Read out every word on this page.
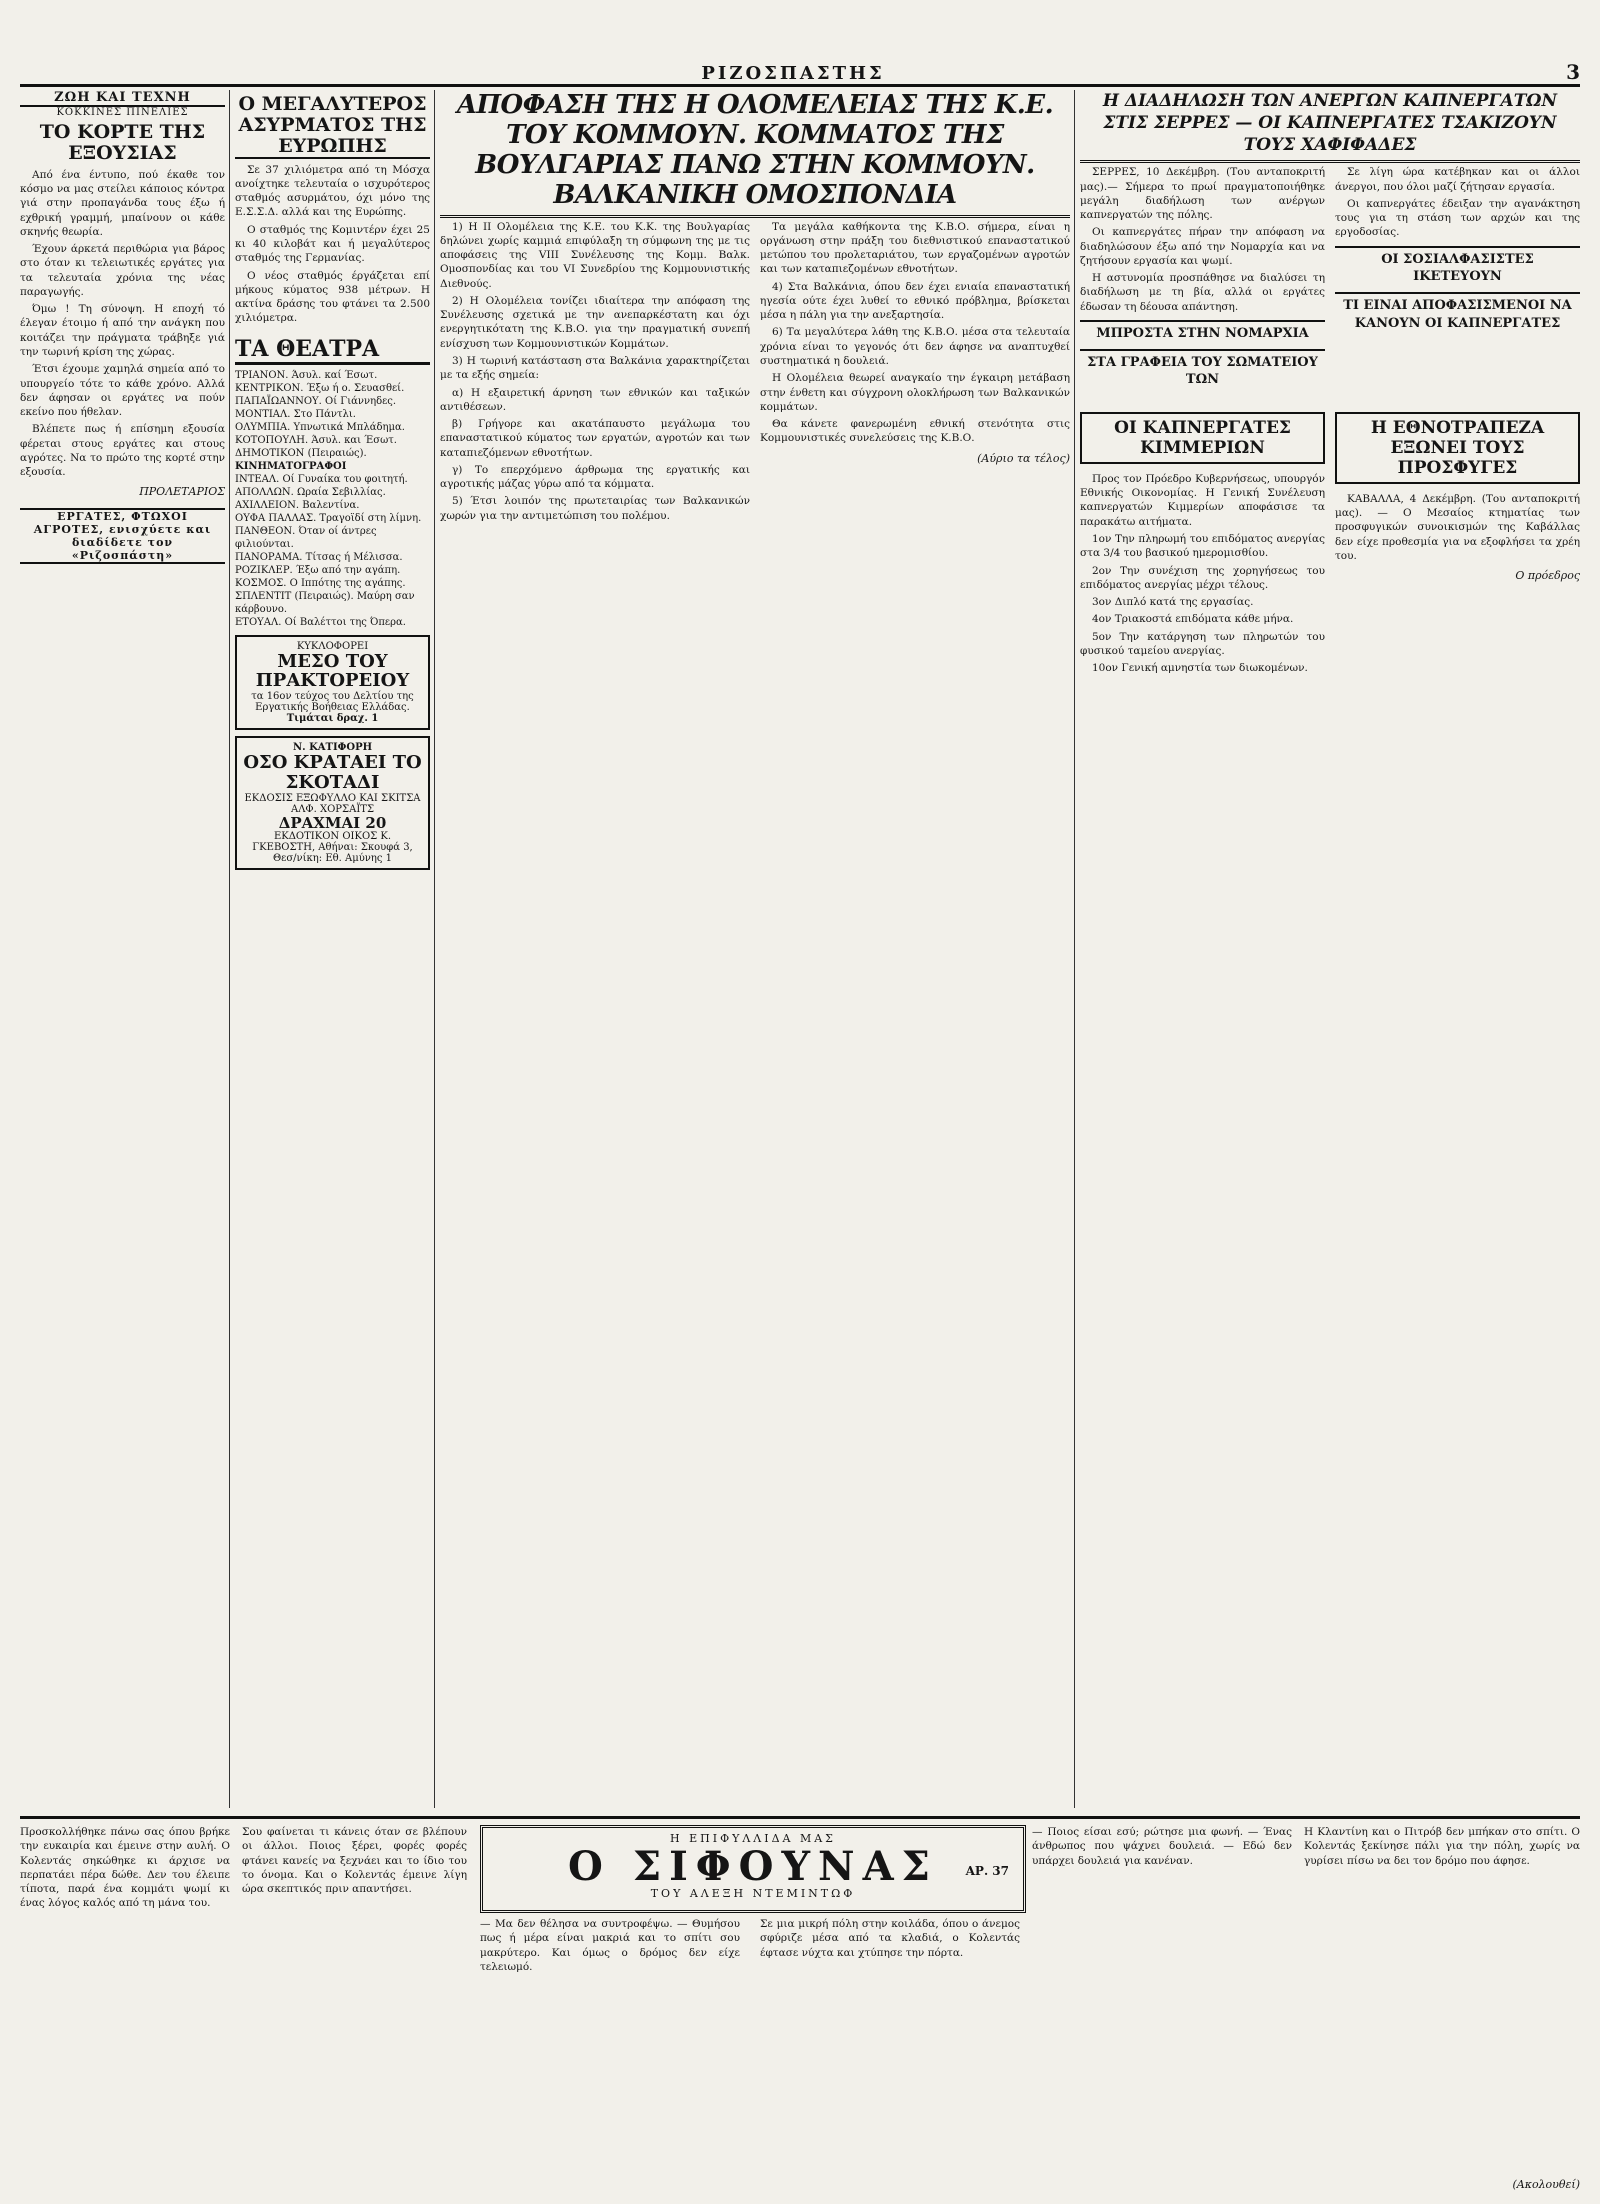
ΡΙΖΟΣΠΑΣΤΗΣ	3
ΖΩΗ ΚΑΙ ΤΕΧΝΗ
ΚΟΚΚΙΝΕΣ ΠΙΝΕΛΙΕΣ
ΤΟ ΚΟΡΤΕ ΤΗΣ ΕΞΟΥΣΙΑΣ

Από ένα έντυπο, πού έκαθε τον κόσμο να μας στείλει κάποιος κόντρα γιά στην προπαγάνδα τους έξω ή εχθρική γραμμή, μπαίνουν οι κάθε σκηνής θεωρία.

Έχουν άρκετά περιθώρια για βάρος στο όταν κι τελειωτικές εργάτες για τα τελευταία χρόνια της νέας παραγωγής.

Όμω ! Τη σύνοψη. Η εποχή τό έλεγαν έτοιμο ή από την ανάγκη που κοιτάζει την πράγματα τράβηξε γιά την τωρινή κρίση της χώρας.

Έτσι έχουμε χαμηλά σημεία από το υπουργείο τότε το κάθε χρόνο. Αλλά δεν άφησαν οι εργάτες να πούν εκείνο που ήθελαν.

Βλέπετε πως ή επίσημη εξουσία φέρεται στους εργάτες και στους αγρότες. Να το πρώτο της κορτέ στην εξουσία.

ΠΡΟΛΕΤΑΡΙΟΣ
ΕΡΓΑΤΕΣ, ΦΤΩΧΟΙ ΑΓΡΟΤΕΣ, ενισχύετε και διαδίδετε τον «Ριζοσπάστη»
Ο ΜΕΓΑΛΥΤΕΡΟΣ ΑΣΥΡΜΑΤΟΣ ΤΗΣ ΕΥΡΩΠΗΣ

Σε 37 χιλιόμετρα από τη Μόσχα ανοίχτηκε τελευταία ο ισχυρότερος σταθμός ασυρμάτου, όχι μόνο της Ε.Σ.Σ.Δ. αλλά και της Ευρώπης.

Ο σταθμός της Κομιντέρν έχει 25 κι 40 κιλοβάτ και ή μεγαλύτερος σταθμός της Γερμανίας.

Ο νέος σταθμός έργάζεται επί μήκους κύματος 938 μέτρων. Η ακτίνα δράσης του φτάνει τα 2.500 χιλιόμετρα.

ΤΑ ΘΕΑΤΡΑ
ΤΡΙΑΝΟΝ. Άσυλ. καί Έσωτ.
ΚΕΝΤΡΙΚΟΝ. Έξω ή ο. Σευασθεί.
ΠΑΠΑΪΩΑΝΝΟΥ. Οί Γιάννηδες.
ΜΟΝΤΙΑΛ. Στο Πάντλι.
ΟΛΥΜΠΙΑ. Υπνωτικά Μπλάδημα.
ΚΟΤΟΠΟΥΛΗ. Άσυλ. και Έσωτ.
ΔΗΜΟΤΙΚΟΝ (Πειραιώς).
ΚΙΝΗΜΑΤΟΓΡΑΦΟΙ
ΙΝΤΕΑΛ. Οί Γυναίκα του φοιτητή.
ΑΠΟΛΛΩΝ. Ωραία Σεβιλλίας.
ΑΧΙΛΛΕΙΟΝ. Βαλεντίνα.
ΟΥΦΑ ΠΑΛΛΑΣ. Τραγοϊδί στη λίμνη.
ΠΑΝΘΕΟΝ. Όταν οί άντρες φιλιούνται.
ΠΑΝΟΡΑΜΑ. Τίτσας ή Μέλισσα.
ΡΟΖΙΚΛΕΡ. Έξω από την αγάπη.
ΚΟΣΜΟΣ. Ο Ιππότης της αγάπης.
ΣΠΛΕΝΤΙΤ (Πειραιώς). Μαύρη σαν κάρβουνο.
ΕΤΟΥΑΛ. Οί Βαλέττοι της Όπερα.
ΚΥΚΛΟΦΟΡΕΙ
ΜΕΣΟ ΤΟΥ ΠΡΑΚΤΟΡΕΙΟΥ
τα 16ον τεύχος του Δελτίου της Εργατικής Βοήθειας Ελλάδας.
Τιμάται δραχ. 1
Ν. ΚΑΤΙΦΟΡΗ
ΟΣΟ ΚΡΑΤΑΕΙ ΤΟ ΣΚΟΤΑΔΙ
ΕΚΔΟΣΙΣ ΕΞΩΦΥΛΛΟ ΚΑΙ ΣΚΙΤΣΑ ΑΛΦ. ΧΟΡΣΑΪΤΣ
ΔΡΑΧΜΑΙ 20
ΕΚΔΟΤΙΚΟΝ ΟΙΚΟΣ Κ. ΓΚΕΒΟΣΤΗ, Αθήναι: Σκουφά 3, Θεσ/νίκη: Εθ. Αμύνης 1
ΑΠΟΦΑΣΗ ΤΗΣ Η ΟΛΟΜΕΛΕΙΑΣ ΤΗΣ Κ.Ε. ΤΟΥ ΚΟΜΜΟΥΝ. ΚΟΜΜΑΤΟΣ ΤΗΣ ΒΟΥΛΓΑΡΙΑΣ ΠΑΝΩ ΣΤΗΝ ΚΟΜΜΟΥΝ. ΒΑΛΚΑΝΙΚΗ ΟΜΟΣΠΟΝΔΙΑ

1) Η ΙΙ Ολομέλεια της Κ.Ε. του Κ.Κ. της Βουλγαρίας δηλώνει χωρίς καμμιά επιφύλαξη τη σύμφωνη της με τις αποφάσεις της VIII Συνέλευσης της Κομμ. Βαλκ. Ομοσπονδίας και του VI Συνεδρίου της Κομμουνιστικής Διεθνούς.

2) Η Ολομέλεια τονίζει ιδιαίτερα την απόφαση της Συνέλευσης σχετικά με την ανεπαρκέστατη και όχι ενεργητικότατη της Κ.Β.Ο. για την πραγματική συνεπή ενίσχυση των Κομμουνιστικών Κομμάτων.

3) Η τωρινή κατάσταση στα Βαλκάνια χαρακτηρίζεται με τα εξής σημεία:

α) Η εξαιρετική άρνηση των εθνικών και ταξικών αντιθέσεων.

β) Γρήγορε και ακατάπαυστο μεγάλωμα του επαναστατικού κύματος των εργατών, αγροτών και των καταπιεζόμενων εθνοτήτων.

γ) Το επερχόμενο άρθρωμα της εργατικής και αγροτικής μάζας γύρω από τα κόμματα.

5) Έτσι λοιπόν της πρωτεταιρίας των Βαλκανικών χωρών για την αντιμετώπιση του πολέμου.

Τα μεγάλα καθήκοντα της Κ.Β.Ο. σήμερα, είναι η οργάνωση στην πράξη του διεθνιστικού επαναστατικού μετώπου του προλεταριάτου, των εργαζομένων αγροτών και των καταπιεζομένων εθνοτήτων.

4) Στα Βαλκάνια, όπου δεν έχει ενιαία επαναστατική ηγεσία ούτε έχει λυθεί το εθνικό πρόβλημα, βρίσκεται μέσα η πάλη για την ανεξαρτησία.

6) Τα μεγαλύτερα λάθη της Κ.Β.Ο. μέσα στα τελευταία χρόνια είναι το γεγονός ότι δεν άφησε να αναπτυχθεί συστηματικά η δουλειά.

Η Ολομέλεια θεωρεί αναγκαίο την έγκαιρη μετάβαση στην ένθετη και σύγχρονη ολοκλήρωση των Βαλκανικών κομμάτων.

Θα κάνετε φανερωμένη εθνική στενότητα στις Κομμουνιστικές συνελεύσεις της Κ.Β.Ο.

(Αύριο τα τέλος)
Η ΔΙΑΔΗΛΩΣΗ ΤΩΝ ΑΝΕΡΓΩΝ ΚΑΠΝΕΡΓΑΤΩΝ ΣΤΙΣ ΣΕΡΡΕΣ — ΟΙ ΚΑΠΝΕΡΓΑΤΕΣ ΤΣΑΚΙΖΟΥΝ ΤΟΥΣ ΧΑΦΙΦΑΔΕΣ

ΣΕΡΡΕΣ, 10 Δεκέμβρη. (Του ανταποκριτή μας).— Σήμερα το πρωί πραγματοποιήθηκε μεγάλη διαδήλωση των ανέργων καπνεργατών της πόλης.

Οι καπνεργάτες πήραν την απόφαση να διαδηλώσουν έξω από την Νομαρχία και να ζητήσουν εργασία και ψωμί.

Η αστυνομία προσπάθησε να διαλύσει τη διαδήλωση με τη βία, αλλά οι εργάτες έδωσαν τη δέουσα απάντηση.

ΜΠΡΟΣΤΑ ΣΤΗΝ ΝΟΜΑΡΧΙΑ
ΣΤΑ ΓΡΑΦΕΙΑ ΤΟΥ ΣΩΜΑΤΕΙΟΥ ΤΩΝ

Σε λίγη ώρα κατέβηκαν και οι άλλοι άνεργοι, που όλοι μαζί ζήτησαν εργασία.

Οι καπνεργάτες έδειξαν την αγανάκτηση τους για τη στάση των αρχών και της εργοδοσίας.

ΟΙ ΣΟΣΙΑΛΦΑΣΙΣΤΕΣ ΙΚΕΤΕΥΟΥΝ
ΤΙ ΕΙΝΑΙ ΑΠΟΦΑΣΙΣΜΕΝΟΙ ΝΑ ΚΑΝΟΥΝ ΟΙ ΚΑΠΝΕΡΓΑΤΕΣ
ΟΙ ΚΑΠΝΕΡΓΑΤΕΣ ΚΙΜΜΕΡΙΩΝ

Προς τον Πρόεδρο Κυβερνήσεως, υπουργόν Εθνικής Οικονομίας. Η Γενική Συνέλευση καπνεργατών Κιμμερίων αποφάσισε τα παρακάτω αιτήματα.

1ον Την πληρωμή του επιδόματος ανεργίας στα 3/4 του βασικού ημερομισθίου.

2ον Την συνέχιση της χορηγήσεως του επιδόματος ανεργίας μέχρι τέλους.

3ον Διπλό κατά της εργασίας.

4ον Τριακοστά επιδόματα κάθε μήνα.

5ον Την κατάργηση των πληρωτών του φυσικού ταμείου ανεργίας.

10ον Γενική αμνηστία των διωκομένων.

Η ΕΘΝΟΤΡΑΠΕΖΑ ΕΞΩΝΕΙ ΤΟΥΣ ΠΡΟΣΦΥΓΕΣ

ΚΑΒΑΛΛΑ, 4 Δεκέμβρη. (Του ανταποκριτή μας). — Ο Μεσαίος κτηματίας των προσφυγικών συνοικισμών της Καβάλλας δεν είχε προθεσμία για να εξοφλήσει τα χρέη του.

Ο πρόεδρος
Προσκολλήθηκε πάνω σας όπου βρήκε την ευκαιρία και έμεινε στην αυλή. Ο Κολεντάς σηκώθηκε κι άρχισε να περπατάει πέρα δώθε. Δεν του έλειπε τίποτα, παρά ένα κομμάτι ψωμί κι ένας λόγος καλός από τη μάνα του.
Σου φαίνεται τι κάνεις όταν σε βλέπουν οι άλλοι. Ποιος ξέρει, φορές φορές φτάνει κανείς να ξεχνάει και το ίδιο του το όνομα. Και ο Κολεντάς έμεινε λίγη ώρα σκεπτικός πριν απαντήσει.
Η ΕΠΙΦΥΛΛΙΔΑ ΜΑΣ
Ο ΣΙΦΟΥΝΑΣ
ΤΟΥ ΑΛΕΞΗ ΝΤΕΜΙΝΤΩΦ
ΑΡ. 37
— Μα δεν θέλησα να συντροφέψω. — Θυμήσου πως ή μέρα είναι μακριά και το σπίτι σου μακρύτερο. Και όμως ο δρόμος δεν είχε τελειωμό.
Σε μια μικρή πόλη στην κοιλάδα, όπου ο άνεμος σφύριζε μέσα από τα κλαδιά, ο Κολεντάς έφτασε νύχτα και χτύπησε την πόρτα.
— Ποιος είσαι εσύ; ρώτησε μια φωνή. — Ένας άνθρωπος που ψάχνει δουλειά. — Εδώ δεν υπάρχει δουλειά για κανέναν.
Η Κλαντίνη και ο Πιτρόβ δεν μπήκαν στο σπίτι. Ο Κολεντάς ξεκίνησε πάλι για την πόλη, χωρίς να γυρίσει πίσω να δει τον δρόμο που άφησε.
(Ακολουθεί)
